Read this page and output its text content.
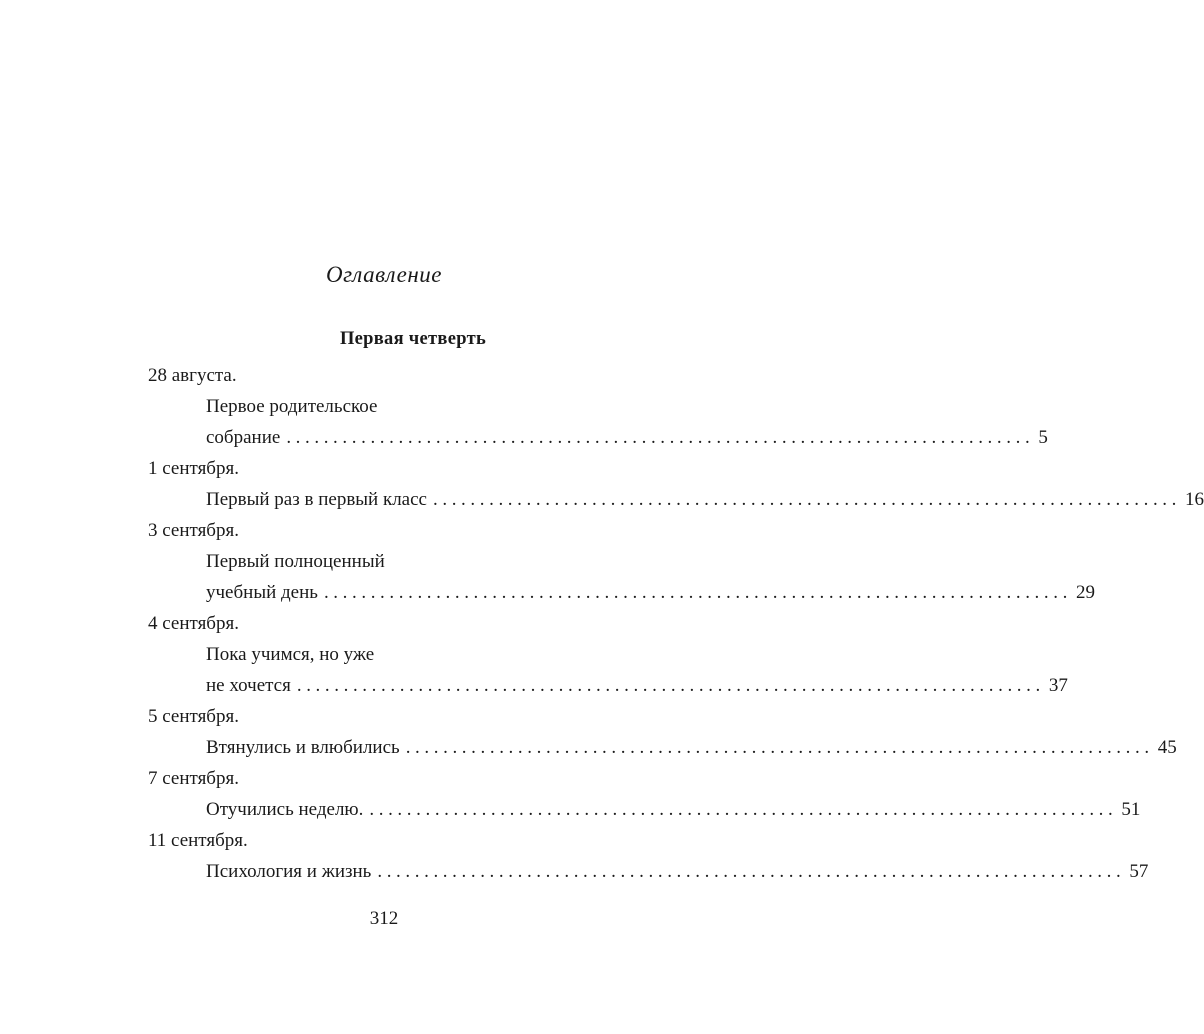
Оглавление
Первая четверть
28 августа.
Первое родительское
собрание ................................................................................ 5
1 сентября.
Первый раз в первый класс ................................................................................ 16
3 сентября.
Первый полноценный
учебный день ................................................................................ 29
4 сентября.
Пока учимся, но уже
не хочется ................................................................................ 37
5 сентября.
Втянулись и влюбились ................................................................................ 45
7 сентября.
Отучились неделю. ................................................................................ 51
11 сентября.
Психология и жизнь ................................................................................ 57
312
